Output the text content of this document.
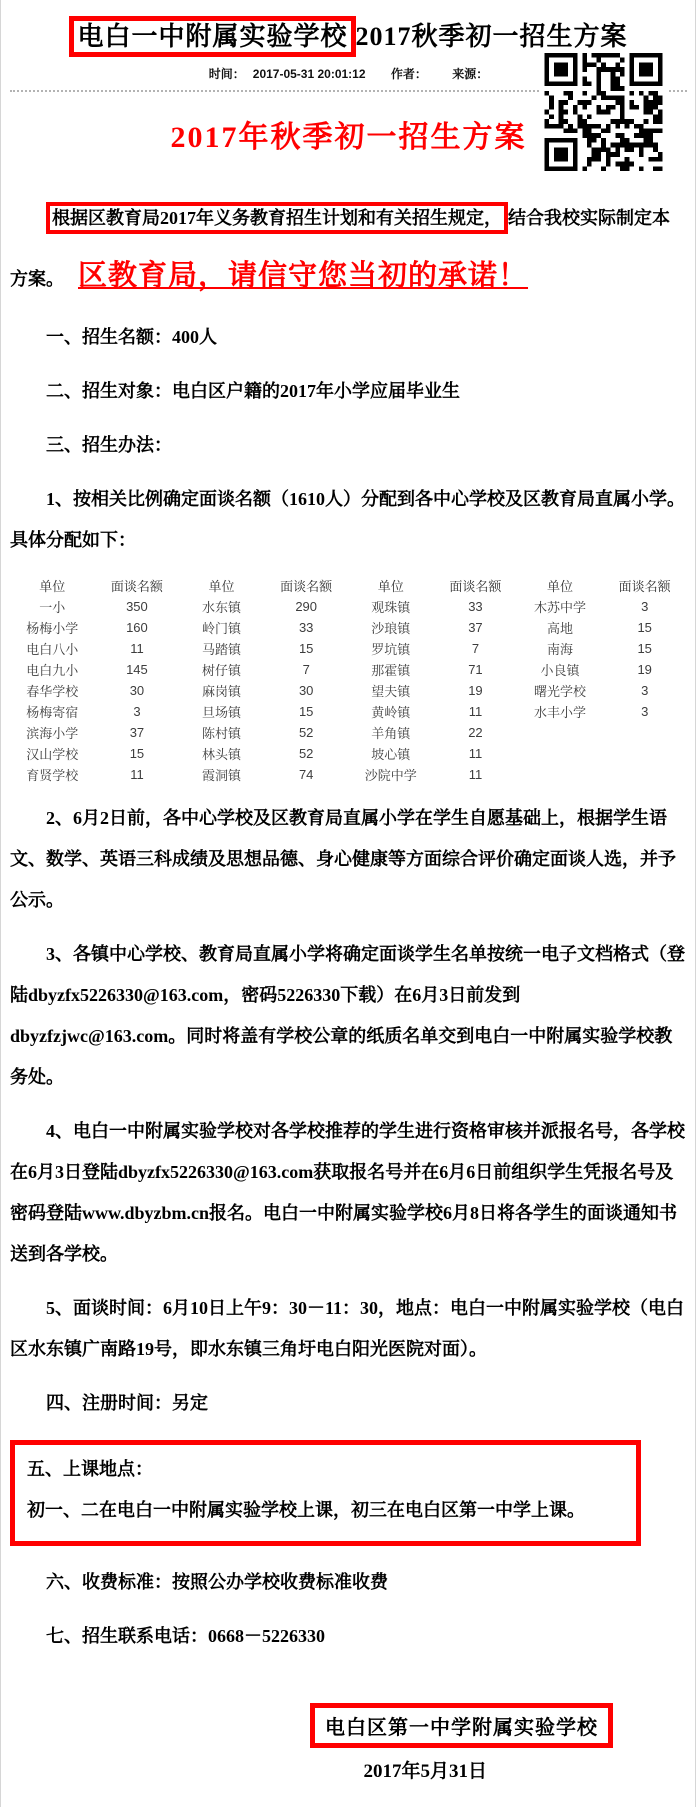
电白一中附属实验学校 2017秋季初一招生方案
时间： 2017-05-31 20:01:12 作者： 来源：
2017年秋季初一招生方案

根据区教育局2017年义务教育招生计划和有关招生规定， 结合我校实际制定本

方案。 区教育局，请信守您当初的承诺！

一、招生名额：400人

二、招生对象：电白区户籍的2017年小学应届毕业生

三、招生办法：

1、按相关比例确定面谈名额（1610人）分配到各中心学校及区教育局直属小学。具体分配如下：

单位	面谈名额	单位	面谈名额	单位	面谈名额	单位	面谈名额
一小	350	水东镇	290	观珠镇	33	木苏中学	3
杨梅小学	160	岭门镇	33	沙琅镇	37	高地	15
电白八小	11	马踏镇	15	罗坑镇	7	南海	15
电白九小	145	树仔镇	7	那霍镇	71	小良镇	19
春华学校	30	麻岗镇	30	望夫镇	19	曙光学校	3
杨梅寄宿	3	旦场镇	15	黄岭镇	11	水丰小学	3
滨海小学	37	陈村镇	52	羊角镇	22		
汉山学校	15	林头镇	52	坡心镇	11		
育贤学校	11	霞洞镇	74	沙院中学	11		

2、6月2日前，各中心学校及区教育局直属小学在学生自愿基础上，根据学生语文、数学、英语三科成绩及思想品德、身心健康等方面综合评价确定面谈人选，并予公示。

3、各镇中心学校、教育局直属小学将确定面谈学生名单按统一电子文档格式（登陆dbyzfx5226330@163.com，密码5226330下载）在6月3日前发到dbyzfzjwc@163.com。同时将盖有学校公章的纸质名单交到电白一中附属实验学校教务处。

4、电白一中附属实验学校对各学校推荐的学生进行资格审核并派报名号，各学校在6月3日登陆dbyzfx5226330@163.com获取报名号并在6月6日前组织学生凭报名号及密码登陆www.dbyzbm.cn报名。电白一中附属实验学校6月8日将各学生的面谈通知书送到各学校。

5、面谈时间：6月10日上午9：30－11：30，地点：电白一中附属实验学校（电白区水东镇广南路19号，即水东镇三角圩电白阳光医院对面）。

四、注册时间：另定

五、上课地点：
初一、二在电白一中附属实验学校上课，初三在电白区第一中学上课。

六、收费标准：按照公办学校收费标准收费

七、招生联系电话：0668－5226330

电白区第一中学附属实验学校
2017年5月31日
